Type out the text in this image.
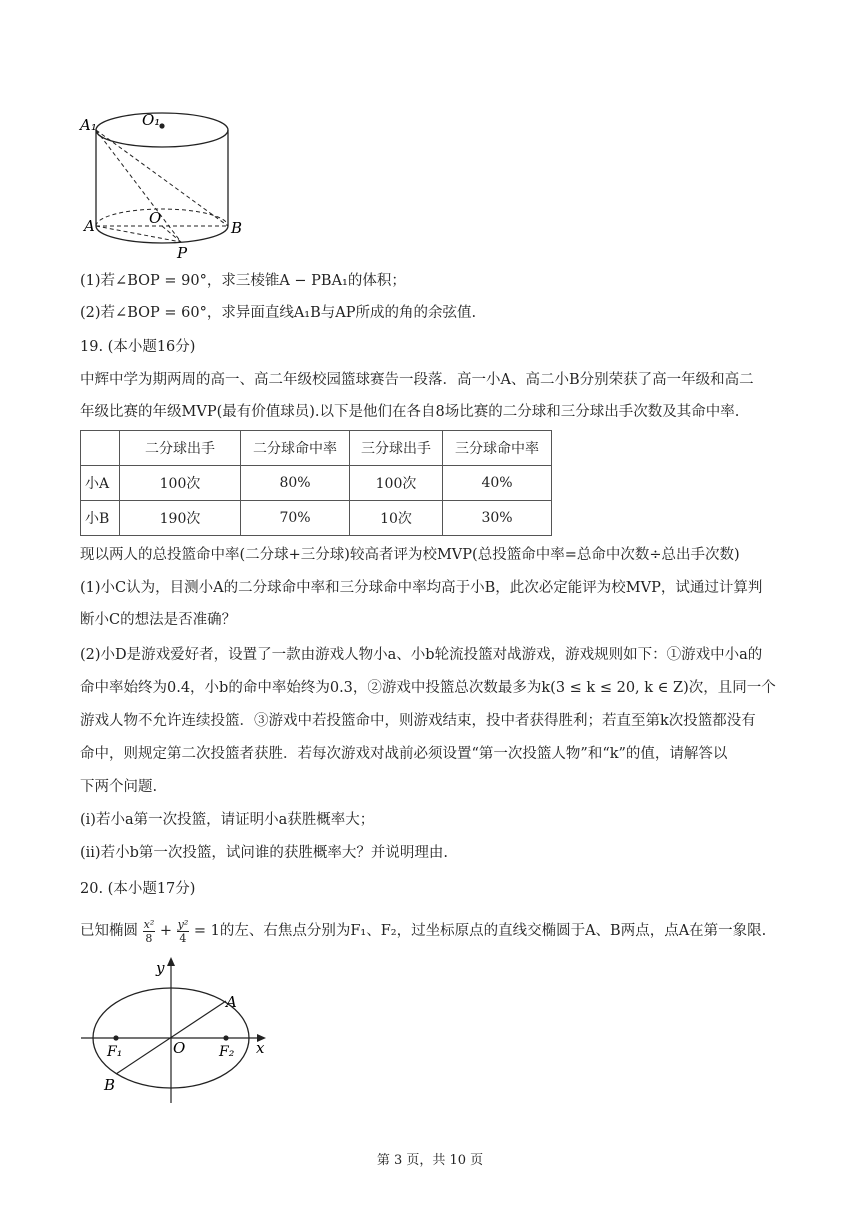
A₁	O₁
O
A	B
P
(1)若∠BOP = 90°，求三棱锥A − PBA₁的体积；
(2)若∠BOP = 60°，求异面直线A₁B与AP所成的角的余弦值.
19. (本小题16分)
中辉中学为期两周的高一、高二年级校园篮球赛告一段落．高一小A、高二小B分别荣获了高一年级和高二
年级比赛的年级MVP(最有价值球员).以下是他们在各自8场比赛的二分球和三分球出手次数及其命中率.
	二分球出手	二分球命中率	三分球出手	三分球命中率
小A	100次	80%	100次	40%
小B	190次	70%	10次	30%
现以两人的总投篮命中率(二分球+三分球)较高者评为校MVP(总投篮命中率=总命中次数÷总出手次数)
(1)小C认为，目测小A的二分球命中率和三分球命中率均高于小B，此次必定能评为校MVP，试通过计算判
断小C的想法是否准确？
(2)小D是游戏爱好者，设置了一款由游戏人物小a、小b轮流投篮对战游戏，游戏规则如下：①游戏中小a的
命中率始终为0.4，小b的命中率始终为0.3，②游戏中投篮总次数最多为k(3 ≤ k ≤ 20, k ∈ Z)次，且同一个
游戏人物不允许连续投篮．③游戏中若投篮命中，则游戏结束，投中者获得胜利；若直至第k次投篮都没有
命中，则规定第二次投篮者获胜．若每次游戏对战前必须设置“第一次投篮人物”和“k”的值，请解答以
下两个问题.
(i)若小a第一次投篮，请证明小a获胜概率大；
(ii)若小b第一次投篮，试问谁的获胜概率大？并说明理由.
20. (本小题17分)
已知椭圆 $\frac{\text{x²}}{8} + \frac{\text{y²}}{4} = 1$的左、右焦点分别为F₁、F₂，过坐标原点的直线交椭圆于A、B两点，点A在第一象限.
y
x
A
B
O
F₁	F₂
第 3 页，共 10 页
